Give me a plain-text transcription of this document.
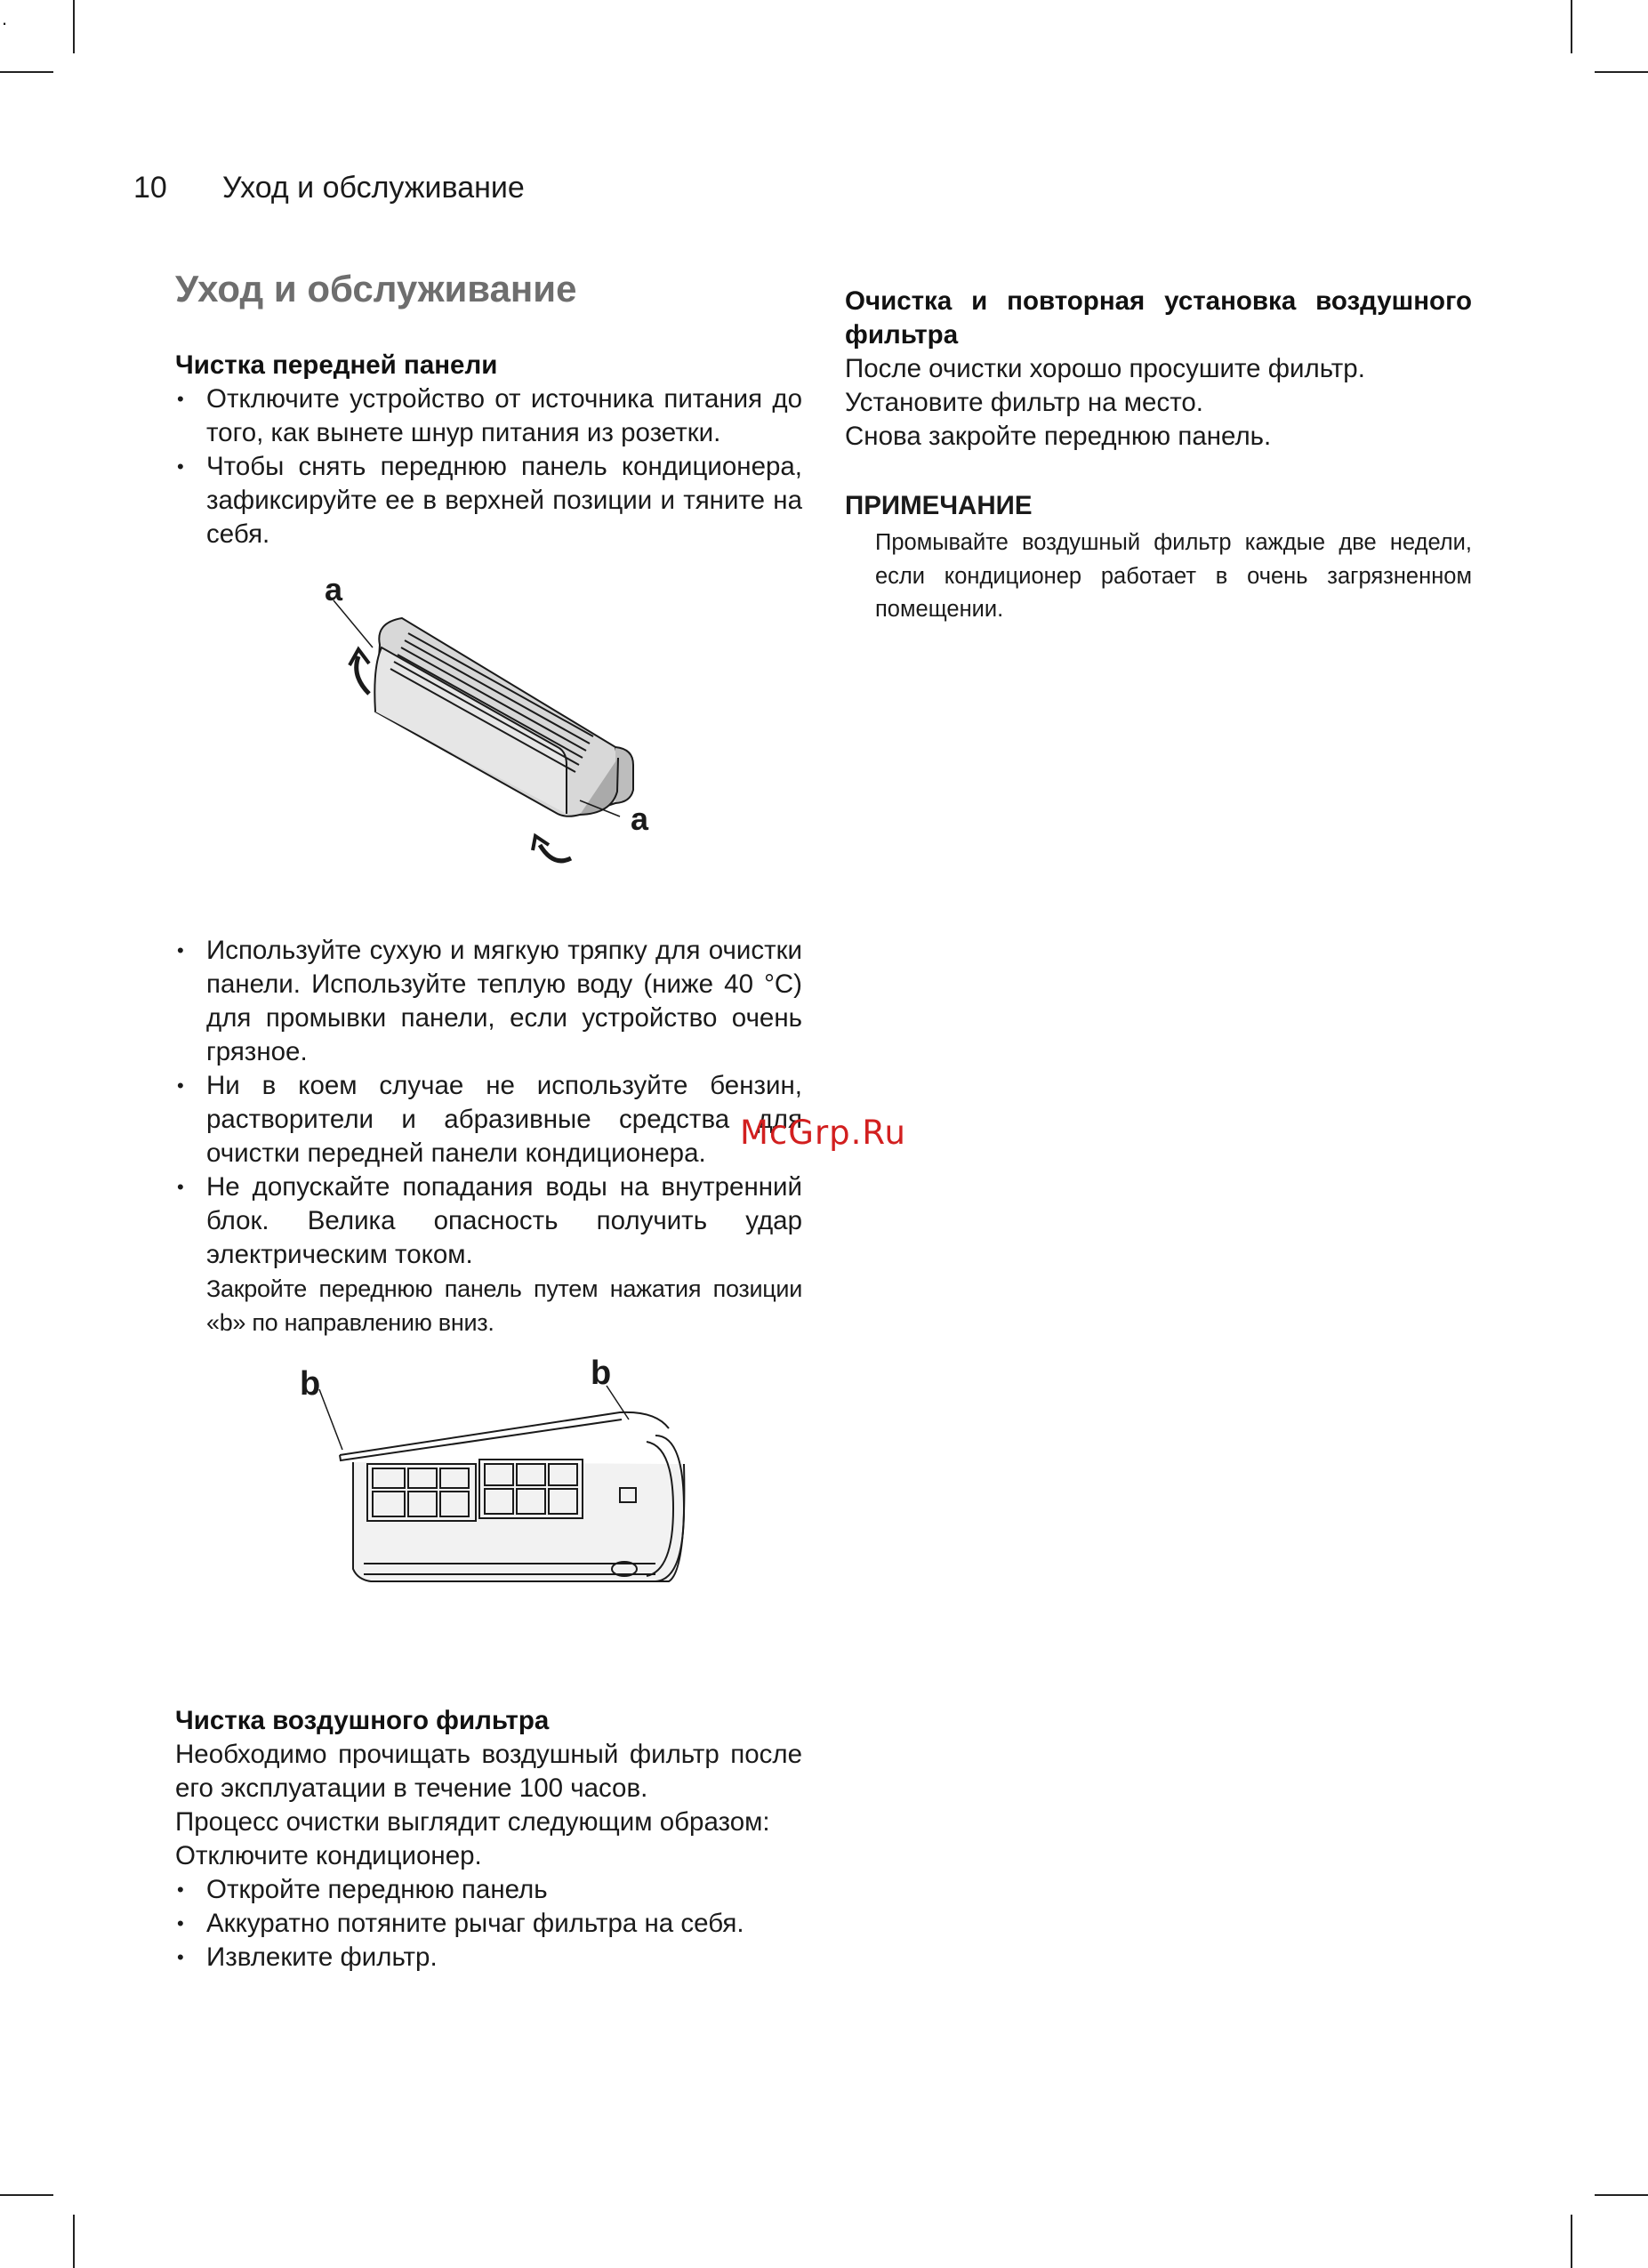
.
10 Уход и обслуживание
Уход и обслуживание
Чистка передней панели
• Отключите устройство от источника питания до того, как вынете шнур питания из розетки.
• Чтобы снять переднюю панель кондиционера, зафиксируйте ее в верхней позиции и тяните на себя.
a
a
• Используйте сухую и мягкую тряпку для очистки панели. Используйте теплую воду (ниже 40 °С) для промывки панели, если устройство очень грязное.
• Ни в коем случае не используйте бензин, растворители и абразивные средства для очистки передней панели кондиционера.
• Не допускайте попадания воды на внутренний блок. Велика опасность получить удар электрическим током.
Закройте переднюю панель путем нажатия позиции «b» по направлению вниз.
b	b
Чистка воздушного фильтра

Необходимо прочищать воздушный фильтр после его эксплуатации в течение 100 часов.

Процесс очистки выглядит следующим образом:

Отключите кондиционер.

• Откройте переднюю панель
• Аккуратно потяните рычаг фильтра на себя.
• Извлеките фильтр.
Очистка и повторная установка воздушного фильтра

После очистки хорошо просушите фильтр.

Установите фильтр на место.

Снова закройте переднюю панель.

ПРИМЕЧАНИЕ
Промывайте воздушный фильтр каждые две недели, если кондиционер работает в очень загрязненном помещении.
McGrp.Ru
